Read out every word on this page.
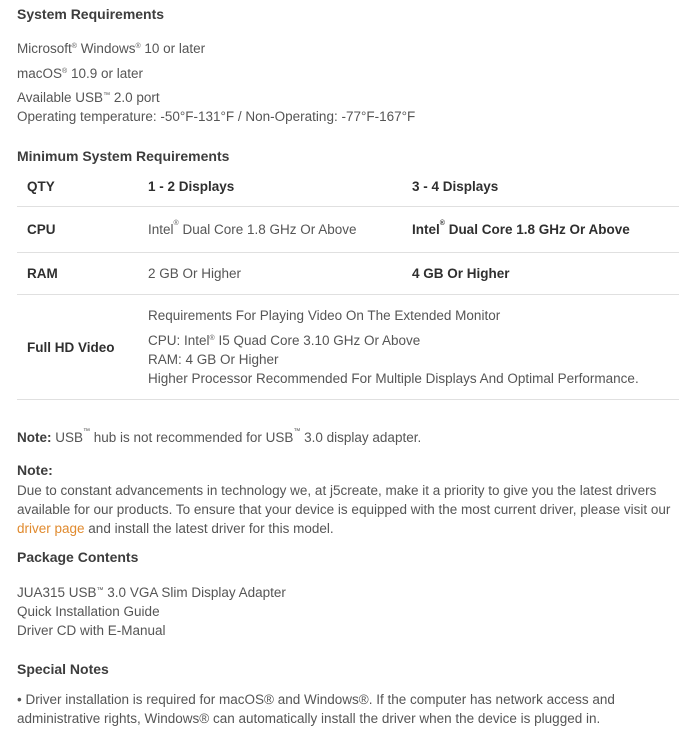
System Requirements
Microsoft® Windows® 10 or later
macOS® 10.9 or later
Available USB™ 2.0 port
Operating temperature: -50°F-131°F / Non-Operating: -77°F-167°F
Minimum System Requirements
QTY	1 - 2 Displays	3 - 4 Displays
CPU	Intel® Dual Core 1.8 GHz Or Above	Intel® Dual Core 1.8 GHz Or Above
RAM	2 GB Or Higher	4 GB Or Higher
Full HD Video	Requirements For Playing Video On The Extended Monitor
CPU: Intel® I5 Quad Core 3.10 GHz Or Above
RAM: 4 GB Or Higher
Higher Processor Recommended For Multiple Displays And Optimal Performance.	
Note: USB™ hub is not recommended for USB™ 3.0 display adapter.
Note:
Due to constant advancements in technology we, at j5create, make it a priority to give you the latest drivers available for our products. To ensure that your device is equipped with the most current driver, please visit our driver page and install the latest driver for this model.
Package Contents
JUA315 USB™ 3.0 VGA Slim Display Adapter
Quick Installation Guide
Driver CD with E-Manual
Special Notes
• Driver installation is required for macOS® and Windows®. If the computer has network access and administrative rights, Windows® can automatically install the driver when the device is plugged in.
